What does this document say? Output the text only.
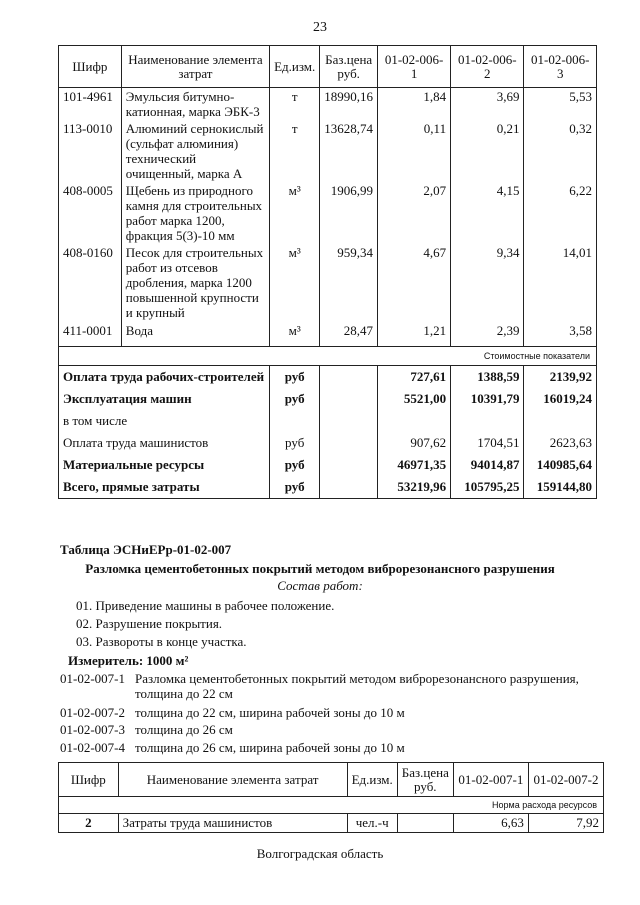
23
Шифр	Наименование элемента затрат	Ед.изм.	Баз.цена руб.	01-02-006-1	01-02-006-2	01-02-006-3
101-4961	Эмульсия битумно-катионная, марка ЭБК-3	т	18990,16	1,84	3,69	5,53
113-0010	Алюминий сернокислый (сульфат алюминия) технический очищенный, марка А	т	13628,74	0,11	0,21	0,32
408-0005	Щебень из природного камня для строительных работ марка 1200, фракция 5(3)-10 мм	м³	1906,99	2,07	4,15	6,22
408-0160	Песок для строительных работ из отсевов дробления, марка 1200 повышенной крупности и крупный	м³	959,34	4,67	9,34	14,01
411-0001	Вода	м³	28,47	1,21	2,39	3,58
Стоимостные показатели						
Оплата труда рабочих-строителей		руб		727,61	1388,59	2139,92
Эксплуатация машин		руб		5521,00	10391,79	16019,24
в том числе						
Оплата труда машинистов		руб		907,62	1704,51	2623,63
Материальные ресурсы		руб		46971,35	94014,87	140985,64
Всего, прямые затраты		руб		53219,96	105795,25	159144,80
Таблица ЭСНиЕРр-01-02-007
Разломка цементобетонных покрытий методом виброрезонансного разрушения
Состав работ:
01. Приведение машины в рабочее положение.
02. Разрушение покрытия.
03. Развороты в конце участка.
Измеритель: 1000 м²
01-02-007-1 Разломка цементобетонных покрытий методом виброрезонансного разрушения,
толщина до 22 см
01-02-007-2 толщина до 22 см, ширина рабочей зоны до 10 м
01-02-007-3 толщина до 26 см
01-02-007-4 толщина до 26 см, ширина рабочей зоны до 10 м
Шифр	Наименование элемента затрат	Ед.изм.	Баз.цена руб.	01-02-007-1	01-02-007-2
Норма расхода ресурсов					
2	Затраты труда машинистов	чел.-ч		6,63	7,92
Волгоградская область
